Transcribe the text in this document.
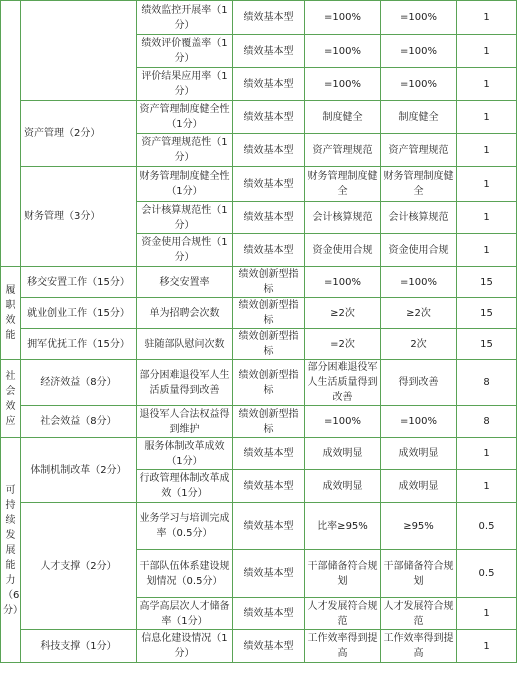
		绩效监控开展率（1分）	绩效基本型	=100%	=100%	1
		绩效评价覆盖率（1分）	绩效基本型	=100%	=100%	1
		评价结果应用率（1分）	绩效基本型	=100%	=100%	1
	资产管理（2分）	资产管理制度健全性（1分）	绩效基本型	制度健全	制度健全	1
		资产管理规范性（1分）	绩效基本型	资产管理规范	资产管理规范	1
	财务管理（3分）	财务管理制度健全性（1分）	绩效基本型	财务管理制度健全	财务管理制度健全	1
		会计核算规范性（1分）	绩效基本型	会计核算规范	会计核算规范	1
		资金使用合规性（1分）	绩效基本型	资金使用合规	资金使用合规	1
履职效能	移交安置工作（15分）	移交安置率	绩效创新型指标	=100%	=100%	15
	就业创业工作（15分）	单为招聘会次数	绩效创新型指标	≥2次	≥2次	15
	拥军优抚工作（15分）	驻随部队慰问次数	绩效创新型指标	=2次	2次	15
社会效应	经济效益（8分）	部分困难退役军人生活质量得到改善	绩效创新型指标	部分困难退役军人生活质量得到改善	得到改善	8
	社会效益（8分）	退役军人合法权益得到维护	绩效创新型指标	=100%	=100%	8
可持续发展能力（6分）	体制机制改革（2分）	服务体制改革成效（1分）	绩效基本型	成效明显	成效明显	1
		行政管理体制改革成效（1分）	绩效基本型	成效明显	成效明显	1
	人才支撑（2分）	业务学习与培训完成率（0.5分）	绩效基本型	比率≥95%	≥95%	0.5
		干部队伍体系建设规划情况（0.5分）	绩效基本型	干部储备符合规划	干部储备符合规划	0.5
		高学高层次人才储备率（1分）	绩效基本型	人才发展符合规范	人才发展符合规范	1
	科技支撑（1分）	信息化建设情况（1分）	绩效基本型	工作效率得到提高	工作效率得到提高	1
